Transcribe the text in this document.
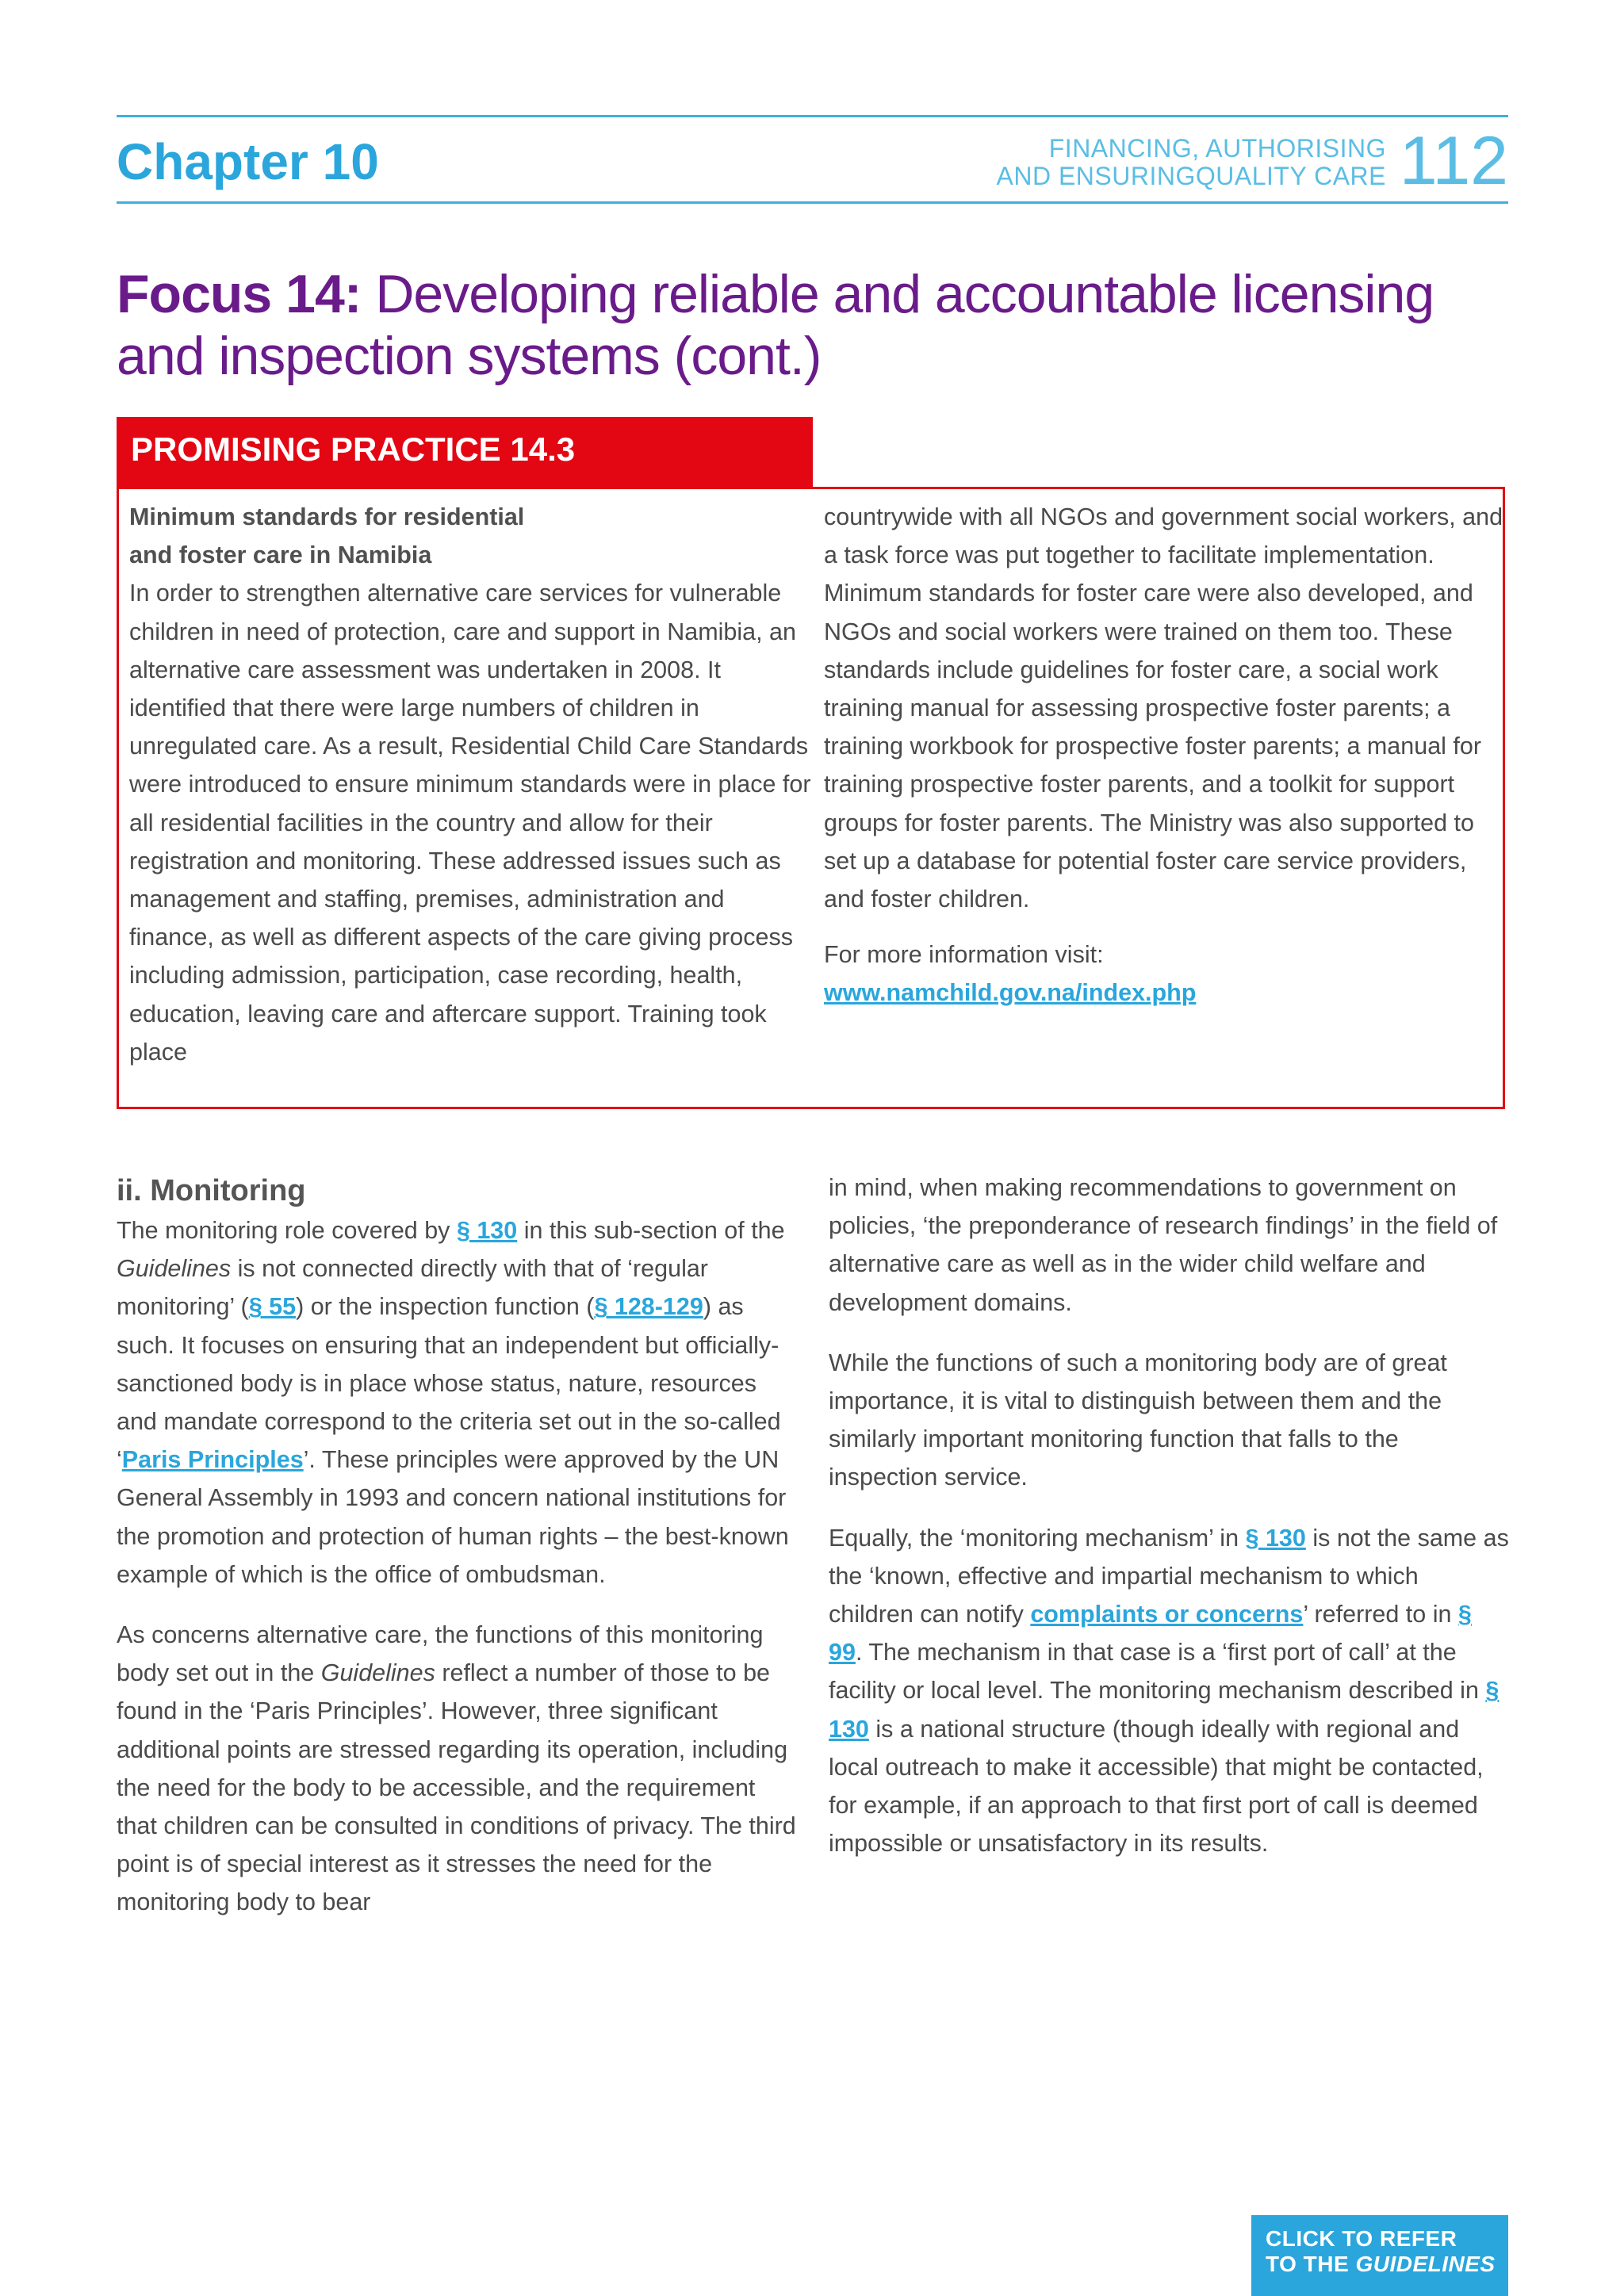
Chapter 10	FINANCING, AUTHORISING
AND ENSURINGQUALITY CARE 112
Focus 14: Developing reliable and accountable licensing and inspection systems (cont.)
PROMISING PRACTICE 14.3
Minimum standards for residential
and foster care in Namibia

In order to strengthen alternative care services for vulnerable children in need of protection, care and support in Namibia, an alternative care assessment was undertaken in 2008. It identified that there were large numbers of children in unregulated care. As a result, Residential Child Care Standards were introduced to ensure minimum standards were in place for all residential facilities in the country and allow for their registration and monitoring. These addressed issues such as management and staffing, premises, administration and finance, as well as different aspects of the care giving process including admission, participation, case recording, health, education, leaving care and aftercare support. Training took place

countrywide with all NGOs and government social workers, and a task force was put together to facilitate implementation. Minimum standards for foster care were also developed, and NGOs and social workers were trained on them too. These standards include guidelines for foster care, a social work training manual for assessing prospective foster parents; a training workbook for prospective foster parents; a manual for training prospective foster parents, and a toolkit for support groups for foster parents. The Ministry was also supported to set up a database for potential foster care service providers, and foster children.

For more information visit:
www.namchild.gov.na/index.php

ii. Monitoring

The monitoring role covered by § 130 in this sub-section of the Guidelines is not connected directly with that of ‘regular monitoring’ (§ 55) or the inspection function (§ 128-129) as such. It focuses on ensuring that an independent but officially-sanctioned body is in place whose status, nature, resources and mandate correspond to the criteria set out in the so-called ‘Paris Principles’. These principles were approved by the UN General Assembly in 1993 and concern national institutions for the promotion and protection of human rights – the best-known example of which is the office of ombudsman.

As concerns alternative care, the functions of this monitoring body set out in the Guidelines reflect a number of those to be found in the ‘Paris Principles’. However, three significant additional points are stressed regarding its operation, including the need for the body to be accessible, and the requirement that children can be consulted in conditions of privacy. The third point is of special interest as it stresses the need for the monitoring body to bear

in mind, when making recommendations to government on policies, ‘the preponderance of research findings’ in the field of alternative care as well as in the wider child welfare and development domains.

While the functions of such a monitoring body are of great importance, it is vital to distinguish between them and the similarly important monitoring function that falls to the inspection service.

Equally, the ‘monitoring mechanism’ in § 130 is not the same as the ‘known, effective and impartial mechanism to which children can notify complaints or concerns’ referred to in § 99. The mechanism in that case is a ‘first port of call’ at the facility or local level. The monitoring mechanism described in § 130 is a national structure (though ideally with regional and local outreach to make it accessible) that might be contacted, for example, if an approach to that first port of call is deemed impossible or unsatisfactory in its results.

CLICK TO REFER
TO THE GUIDELINES
